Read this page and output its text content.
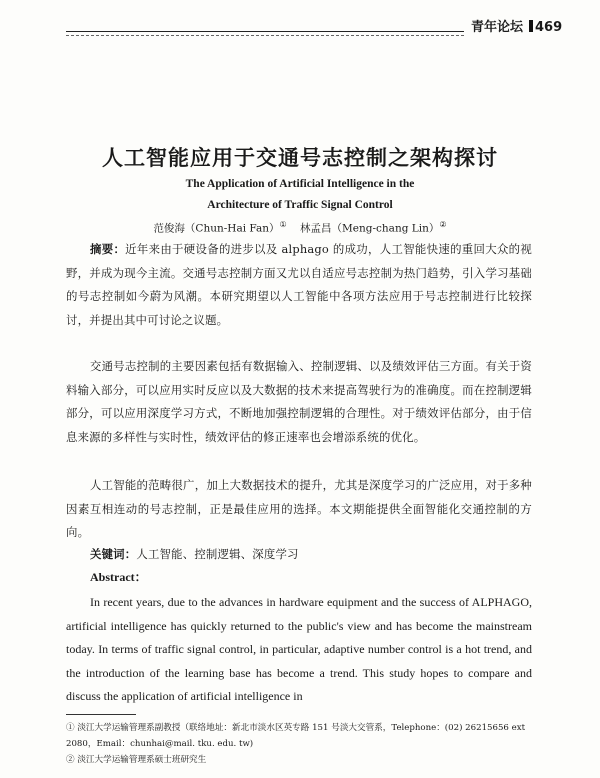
青年论坛 469
人工智能应用于交通号志控制之架构探讨
The Application of Artificial Intelligence in the
Architecture of Traffic Signal Control
范俊海（Chun-Hai Fan）① 林孟昌（Meng-chang Lin）②
摘要：近年来由于硬设备的进步以及 alphago 的成功，人工智能快速的重回大众的视野，并成为现今主流。交通号志控制方面又尤以自适应号志控制为热门趋势，引入学习基础的号志控制如今蔚为风潮。本研究期望以人工智能中各项方法应用于号志控制进行比较探讨，并提出其中可讨论之议题。
交通号志控制的主要因素包括有数据输入、控制逻辑、以及绩效评估三方面。有关于资料输入部分，可以应用实时反应以及大数据的技术来提高驾驶行为的准确度。而在控制逻辑部分，可以应用深度学习方式，不断地加强控制逻辑的合理性。对于绩效评估部分，由于信息来源的多样性与实时性，绩效评估的修正速率也会增添系统的优化。
人工智能的范畴很广，加上大数据技术的提升，尤其是深度学习的广泛应用，对于多种因素互相连动的号志控制，正是最佳应用的选择。本文期能提供全面智能化交通控制的方向。
关键词：人工智能、控制逻辑、深度学习
Abstract：
In recent years, due to the advances in hardware equipment and the success of ALPHAGO, artificial intelligence has quickly returned to the public's view and has become the mainstream today. In terms of traffic signal control, in particular, adaptive number control is a hot trend, and the introduction of the learning base has become a trend. This study hopes to compare and discuss the application of artificial intelligence in
① 淡江大学运输管理系副教授（联络地址：新北市淡水区英专路 151 号淡大交管系，Telephone：(02) 26215656 ext 2080，Email：chunhai@mail. tku. edu. tw)
② 淡江大学运输管理系硕士班研究生
